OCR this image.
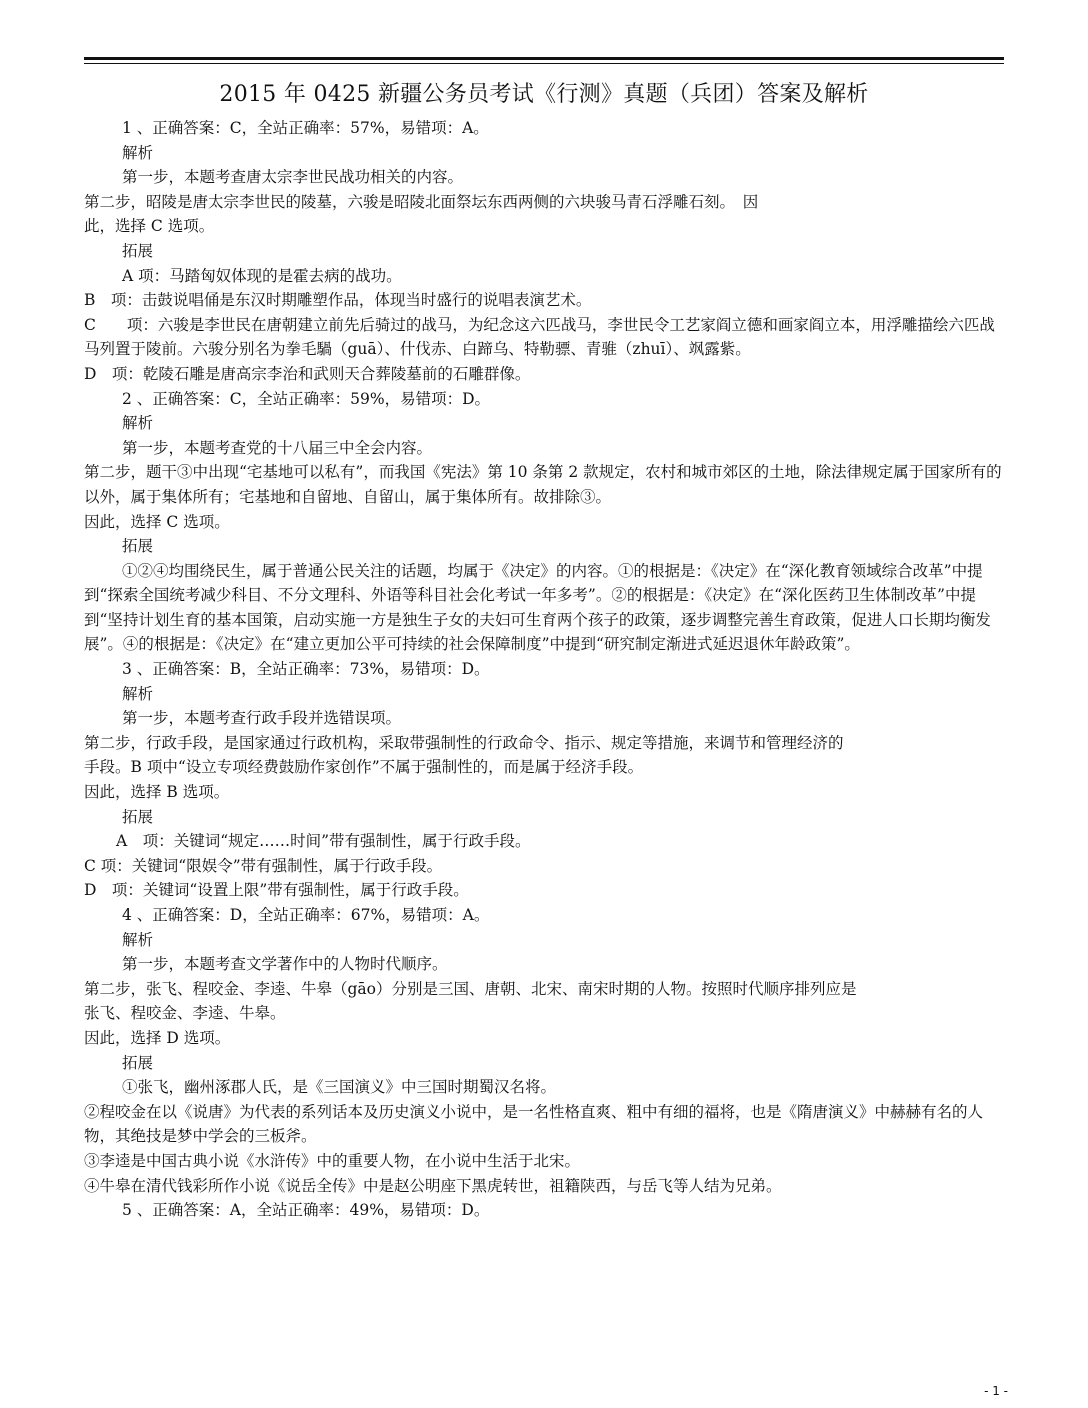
2015 年 0425 新疆公务员考试《行测》真题（兵团）答案及解析

1 、正确答案：C，全站正确率：57%，易错项：A。

解析

第一步，本题考查唐太宗李世民战功相关的内容。

第二步，昭陵是唐太宗李世民的陵墓，六骏是昭陵北面祭坛东西两侧的六块骏马青石浮雕石刻。　因

此，选择 C 选项。

拓展

A 项：马踏匈奴体现的是霍去病的战功。

B　项：击鼓说唱俑是东汉时期雕塑作品，体现当时盛行的说唱表演艺术。

C　　项：六骏是李世民在唐朝建立前先后骑过的战马，为纪念这六匹战马，李世民令工艺家阎立德和画家阎立本，用浮雕描绘六匹战马列置于陵前。六骏分别名为拳毛騧（guā）、什伐赤、白蹄乌、特勒骠、青骓（zhuī）、飒露紫。

D　项：乾陵石雕是唐高宗李治和武则天合葬陵墓前的石雕群像。

2 、正确答案：C，全站正确率：59%，易错项：D。

解析

第一步，本题考查党的十八届三中全会内容。

第二步，题干③中出现“宅基地可以私有”，而我国《宪法》第 10 条第 2 款规定，农村和城市郊区的土地，除法律规定属于国家所有的以外，属于集体所有；宅基地和自留地、自留山，属于集体所有。故排除③。

因此，选择 C 选项。

拓展

①②④均围绕民生，属于普通公民关注的话题，均属于《决定》的内容。①的根据是：《决定》在“深化教育领域综合改革”中提到“探索全国统考减少科目、不分文理科、外语等科目社会化考试一年多考”。②的根据是：《决定》在“深化医药卫生体制改革”中提到“坚持计划生育的基本国策，启动实施一方是独生子女的夫妇可生育两个孩子的政策，逐步调整完善生育政策，促进人口长期均衡发展”。④的根据是：《决定》在“建立更加公平可持续的社会保障制度”中提到“研究制定渐进式延迟退休年龄政策”。

3 、正确答案：B，全站正确率：73%，易错项：D。

解析

第一步，本题考查行政手段并选错误项。

第二步，行政手段，是国家通过行政机构，采取带强制性的行政命令、指示、规定等措施，来调节和管理经济的

手段。B 项中“设立专项经费鼓励作家创作”不属于强制性的，而是属于经济手段。

因此，选择 B 选项。

拓展

A　项：关键词“规定……时间”带有强制性，属于行政手段。

C 项：关键词“限娱令”带有强制性，属于行政手段。

D　项：关键词“设置上限”带有强制性，属于行政手段。

4 、正确答案：D，全站正确率：67%，易错项：A。

解析

第一步，本题考查文学著作中的人物时代顺序。

第二步，张飞、程咬金、李逵、牛皋（gāo）分别是三国、唐朝、北宋、南宋时期的人物。按照时代顺序排列应是

张飞、程咬金、李逵、牛皋。

因此，选择 D 选项。

拓展

①张飞，幽州涿郡人氏，是《三国演义》中三国时期蜀汉名将。

②程咬金在以《说唐》为代表的系列话本及历史演义小说中，是一名性格直爽、粗中有细的福将，也是《隋唐演义》中赫赫有名的人物，其绝技是梦中学会的三板斧。

③李逵是中国古典小说《水浒传》中的重要人物，在小说中生活于北宋。

④牛皋在清代钱彩所作小说《说岳全传》中是赵公明座下黑虎转世，祖籍陕西，与岳飞等人结为兄弟。

5 、正确答案：A，全站正确率：49%，易错项：D。

- 1 -
